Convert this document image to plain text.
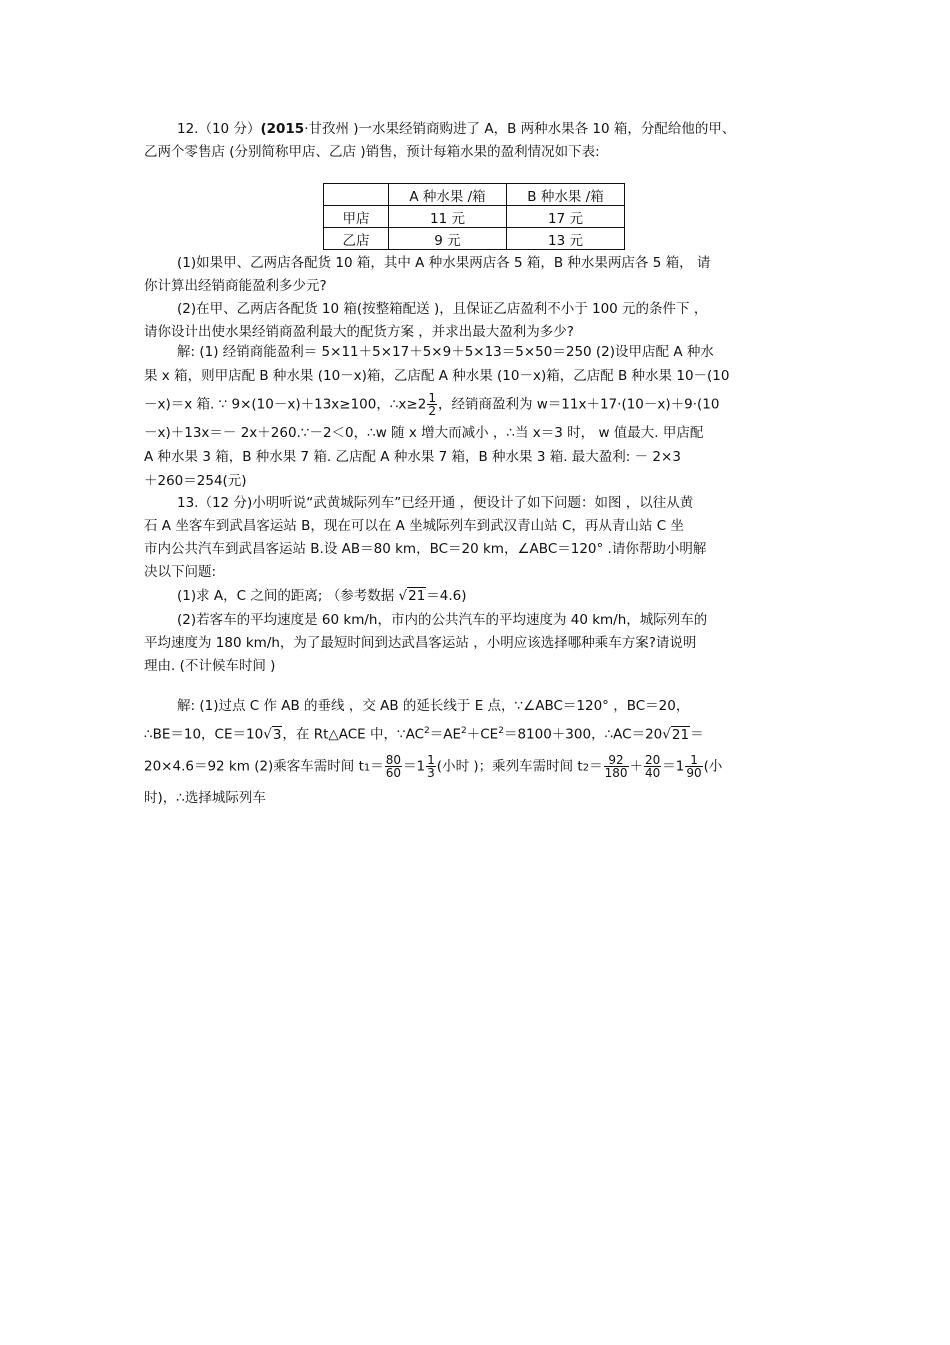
12.（10 分）(2015·甘孜州 )一水果经销商购进了 A，B 两种水果各 10 箱，分配给他的甲、
乙两个零售店 (分别简称甲店、乙店 )销售，预计每箱水果的盈利情况如下表:
	A 种水果 /箱	B 种水果 /箱
甲店	11 元	17 元
乙店	9 元	13 元
(1)如果甲、乙两店各配货 10 箱，其中 A 种水果两店各 5 箱，B 种水果两店各 5 箱， 请
你计算出经销商能盈利多少元?
(2)在甲、乙两店各配货 10 箱(按整箱配送 )，且保证乙店盈利不小于 100 元的条件下 ，
请你设计出使水果经销商盈利最大的配货方案 ，并求出最大盈利为多少?
解: (1) 经销商能盈利＝ 5×11＋5×17＋5×9＋5×13＝5×50＝250 (2)设甲店配 A 种水
果 x 箱，则甲店配 B 种水果 (10－x)箱，乙店配 A 种水果 (10－x)箱，乙店配 B 种水果 10－(10
－x)＝x 箱. ∵ 9×(10－x)＋13x≥100，∴x≥2 $\frac{1}{2}$ ，经销商盈利为 w＝11x＋17·(10－x)＋9·(10
－x)＋13x＝－ 2x＋260.∵－2＜0，∴w 随 x 增大而减小 ，∴当 x＝3 时， w 值最大. 甲店配
A 种水果 3 箱，B 种水果 7 箱. 乙店配 A 种水果 7 箱，B 种水果 3 箱. 最大盈利: － 2×3
＋260＝254(元)
13.（12 分)小明听说“武黄城际列车”已经开通 ，便设计了如下问题：如图 ，以往从黄
石 A 坐客车到武昌客运站 B，现在可以在 A 坐城际列车到武汉青山站 C，再从青山站 C 坐
市内公共汽车到武昌客运站 B.设 AB＝80 km，BC＝20 km，∠ABC＝120° .请你帮助小明解
决以下问题:
(1)求 A，C 之间的距离; （参考数据 √21＝4.6)
(2)若客车的平均速度是 60 km/h，市内的公共汽车的平均速度为 40 km/h，城际列车的
平均速度为 180 km/h，为了最短时间到达武昌客运站 ，小明应该选择哪种乘车方案?请说明
理由. (不计候车时间 )
解: (1)过点 C 作 AB 的垂线 ，交 AB 的延长线于 E 点，∵∠ABC＝120° ，BC＝20，
∴BE＝10，CE＝10√3，在 Rt△ACE 中，$\because AC^2=AE^2+CE^2=8100+300$，∴AC＝20√21＝
20×4.6＝92 km (2)乘客车需时间 $t1= \frac{80}{60} =1 \frac{1}{3}$ (小时 )；乘列车需时间 $t2= \frac{92}{180} + \frac{20}{40} =1 \frac{1}{90}$ (小
时)，∴选择城际列车
